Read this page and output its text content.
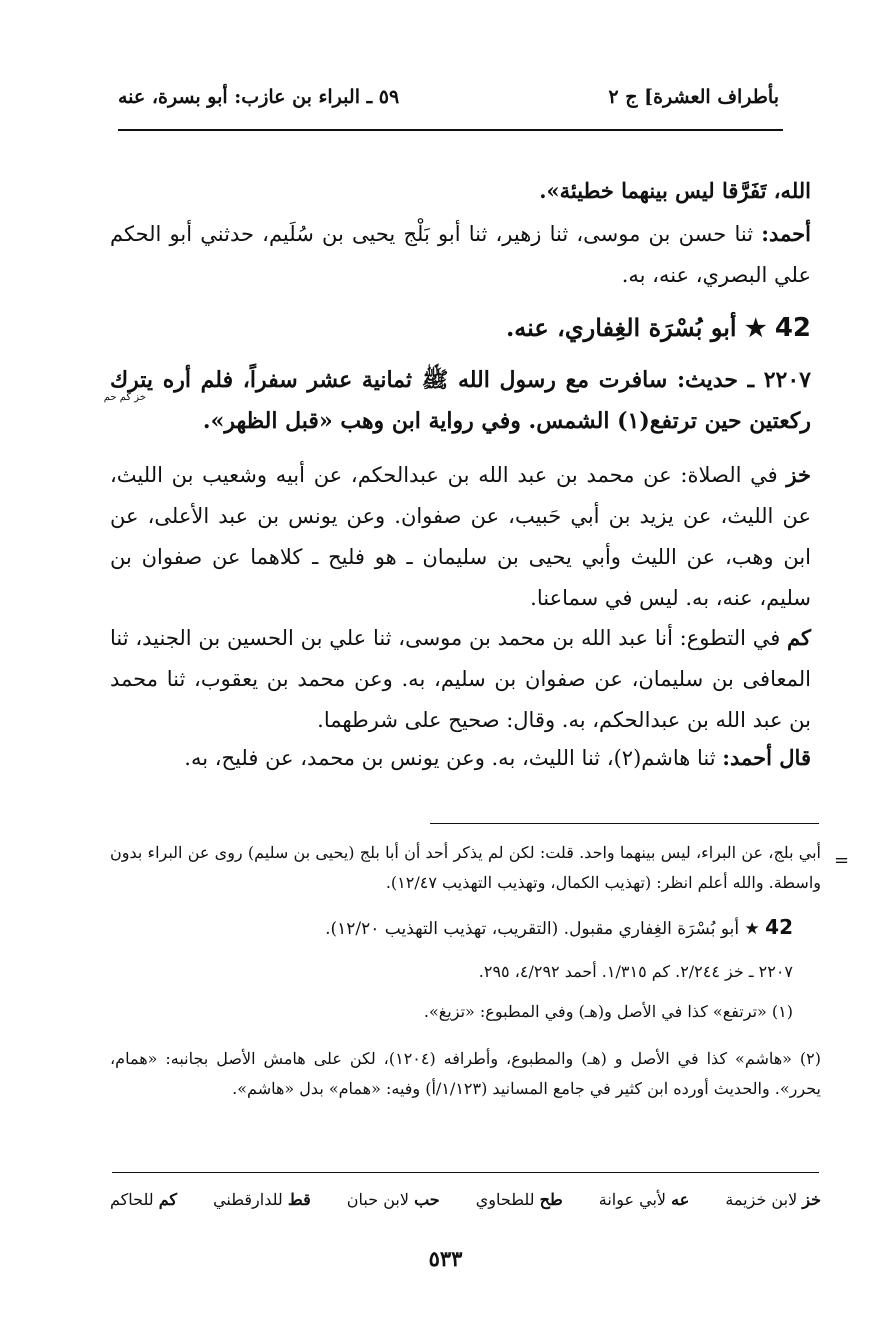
بأطراف العشرة] ج ٢
٥٩ ـ البراء بن عازب: أبو بسرة، عنه
الله، تَفَرَّقا ليس بينهما خطيئة».
أحمد: ثنا حسن بن موسى، ثنا زهير، ثنا أبو بَلْج يحيى بن سُلَيم، حدثني أبو الحكم علي البصري، عنه، به.
42 ★ أبو بُسْرَة الغِفاري، عنه.
٢٢٠٧ ـ حديث: سافرت مع رسول الله ﷺ ثمانية عشر سفراً، فلم أره يترك ركعتين حين ترتفع(١) الشمس. وفي رواية ابن وهب «قبل الظهر».
خز كم حم
خز في الصلاة: عن محمد بن عبد الله بن عبدالحكم، عن أبيه وشعيب بن الليث، عن الليث، عن يزيد بن أبي حَبيب، عن صفوان. وعن يونس بن عبد الأعلى، عن ابن وهب، عن الليث وأبي يحيى بن سليمان ـ هو فليح ـ كلاهما عن صفوان بن سليم، عنه، به. ليس في سماعنا.
كم في التطوع: أنا عبد الله بن محمد بن موسى، ثنا علي بن الحسين بن الجنيد، ثنا المعافى بن سليمان، عن صفوان بن سليم، به. وعن محمد بن يعقوب، ثنا محمد بن عبد الله بن عبدالحكم، به. وقال: صحيح على شرطهما.
قال أحمد: ثنا هاشم(٢)، ثنا الليث، به. وعن يونس بن محمد، عن فليح، به.
=
أبي بلج، عن البراء، ليس بينهما واحد. قلت: لكن لم يذكر أحد أن أبا بلج (يحيى بن سليم) روى عن البراء بدون واسطة. والله أعلم انظر: (تهذيب الكمال، وتهذيب التهذيب ١٢/٤٧).
42 ★ أبو بُسْرَة الغِفاري مقبول. (التقريب، تهذيب التهذيب ١٢/٢٠).
٢٢٠٧ ـ خز ٢/٢٤٤. كم ١/٣١٥. أحمد ٤/٢٩٢، ٢٩٥.
(١) «ترتفع» كذا في الأصل و(هـ) وفي المطبوع: «تزيغ».
(٢) «هاشم» كذا في الأصل و (هـ) والمطبوع، وأطرافه (١٢٠٤)، لكن على هامش الأصل بجانبه: «همام، يحرر». والحديث أورده ابن كثير في جامع المسانيد (١/١٢٣/أ) وفيه: «همام» بدل «هاشم».
خز لابن خزيمة
عه لأبي عوانة
طح للطحاوي
حب لابن حبان
قط للدارقطني
كم للحاكم
٥٣٣
